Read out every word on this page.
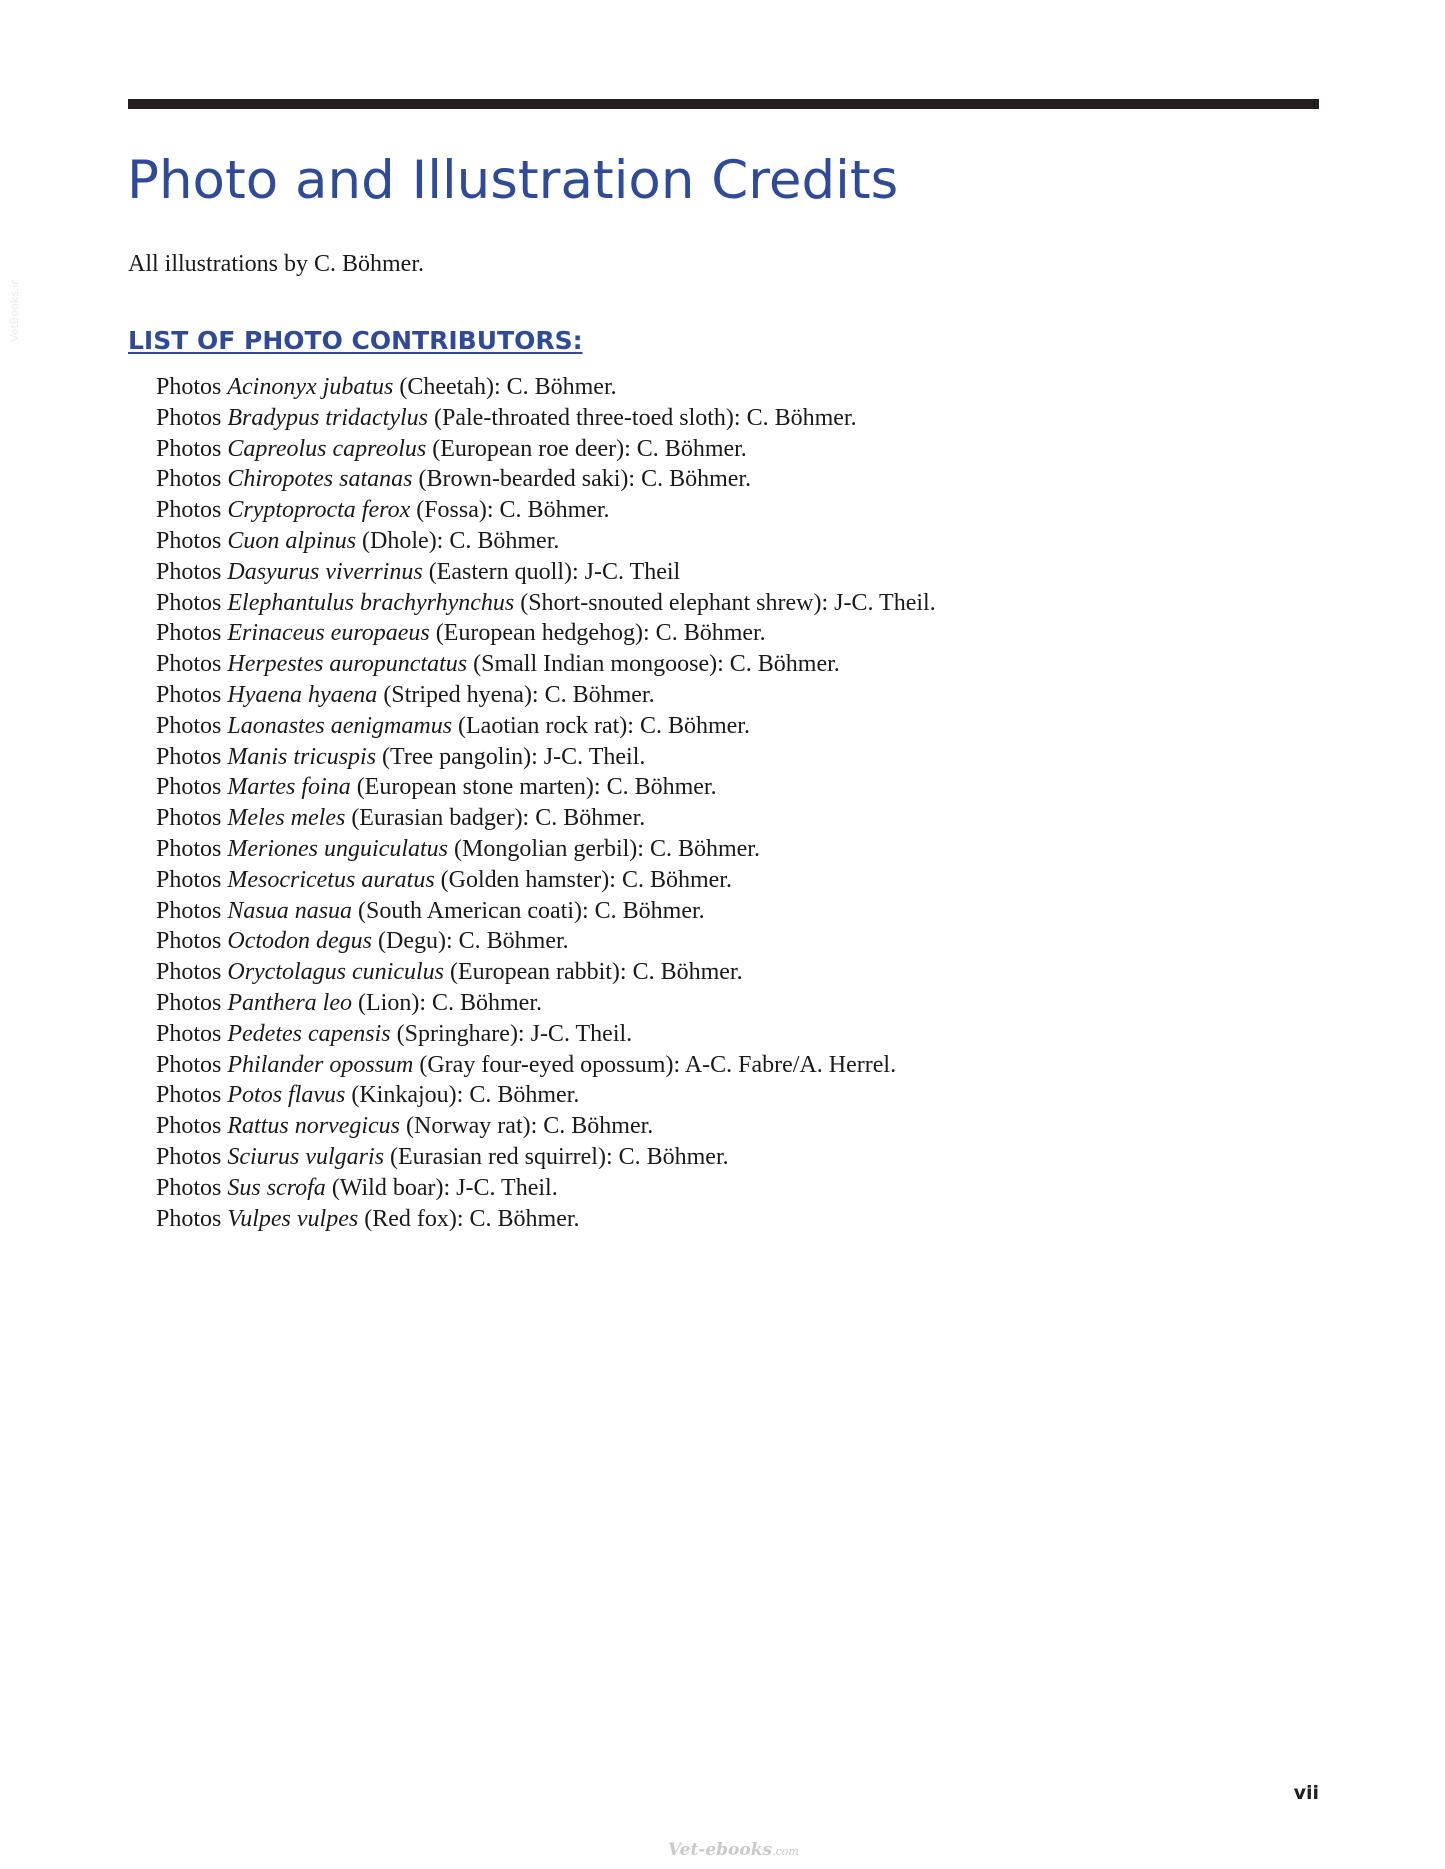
Photo and Illustration Credits

All illustrations by C. Böhmer.

LIST OF PHOTO CONTRIBUTORS:
Photos Acinonyx jubatus (Cheetah): C. Böhmer.
Photos Bradypus tridactylus (Pale-throated three-toed sloth): C. Böhmer.
Photos Capreolus capreolus (European roe deer): C. Böhmer.
Photos Chiropotes satanas (Brown-bearded saki): C. Böhmer.
Photos Cryptoprocta ferox (Fossa): C. Böhmer.
Photos Cuon alpinus (Dhole): C. Böhmer.
Photos Dasyurus viverrinus (Eastern quoll): J-C. Theil
Photos Elephantulus brachyrhynchus (Short-snouted elephant shrew): J-C. Theil.
Photos Erinaceus europaeus (European hedgehog): C. Böhmer.
Photos Herpestes auropunctatus (Small Indian mongoose): C. Böhmer.
Photos Hyaena hyaena (Striped hyena): C. Böhmer.
Photos Laonastes aenigmamus (Laotian rock rat): C. Böhmer.
Photos Manis tricuspis (Tree pangolin): J-C. Theil.
Photos Martes foina (European stone marten): C. Böhmer.
Photos Meles meles (Eurasian badger): C. Böhmer.
Photos Meriones unguiculatus (Mongolian gerbil): C. Böhmer.
Photos Mesocricetus auratus (Golden hamster): C. Böhmer.
Photos Nasua nasua (South American coati): C. Böhmer.
Photos Octodon degus (Degu): C. Böhmer.
Photos Oryctolagus cuniculus (European rabbit): C. Böhmer.
Photos Panthera leo (Lion): C. Böhmer.
Photos Pedetes capensis (Springhare): J-C. Theil.
Photos Philander opossum (Gray four-eyed opossum): A-C. Fabre/A. Herrel.
Photos Potos flavus (Kinkajou): C. Böhmer.
Photos Rattus norvegicus (Norway rat): C. Böhmer.
Photos Sciurus vulgaris (Eurasian red squirrel): C. Böhmer.
Photos Sus scrofa (Wild boar): J-C. Theil.
Photos Vulpes vulpes (Red fox): C. Böhmer.
vii
Vet-ebooks.com
VetBooks.ir
